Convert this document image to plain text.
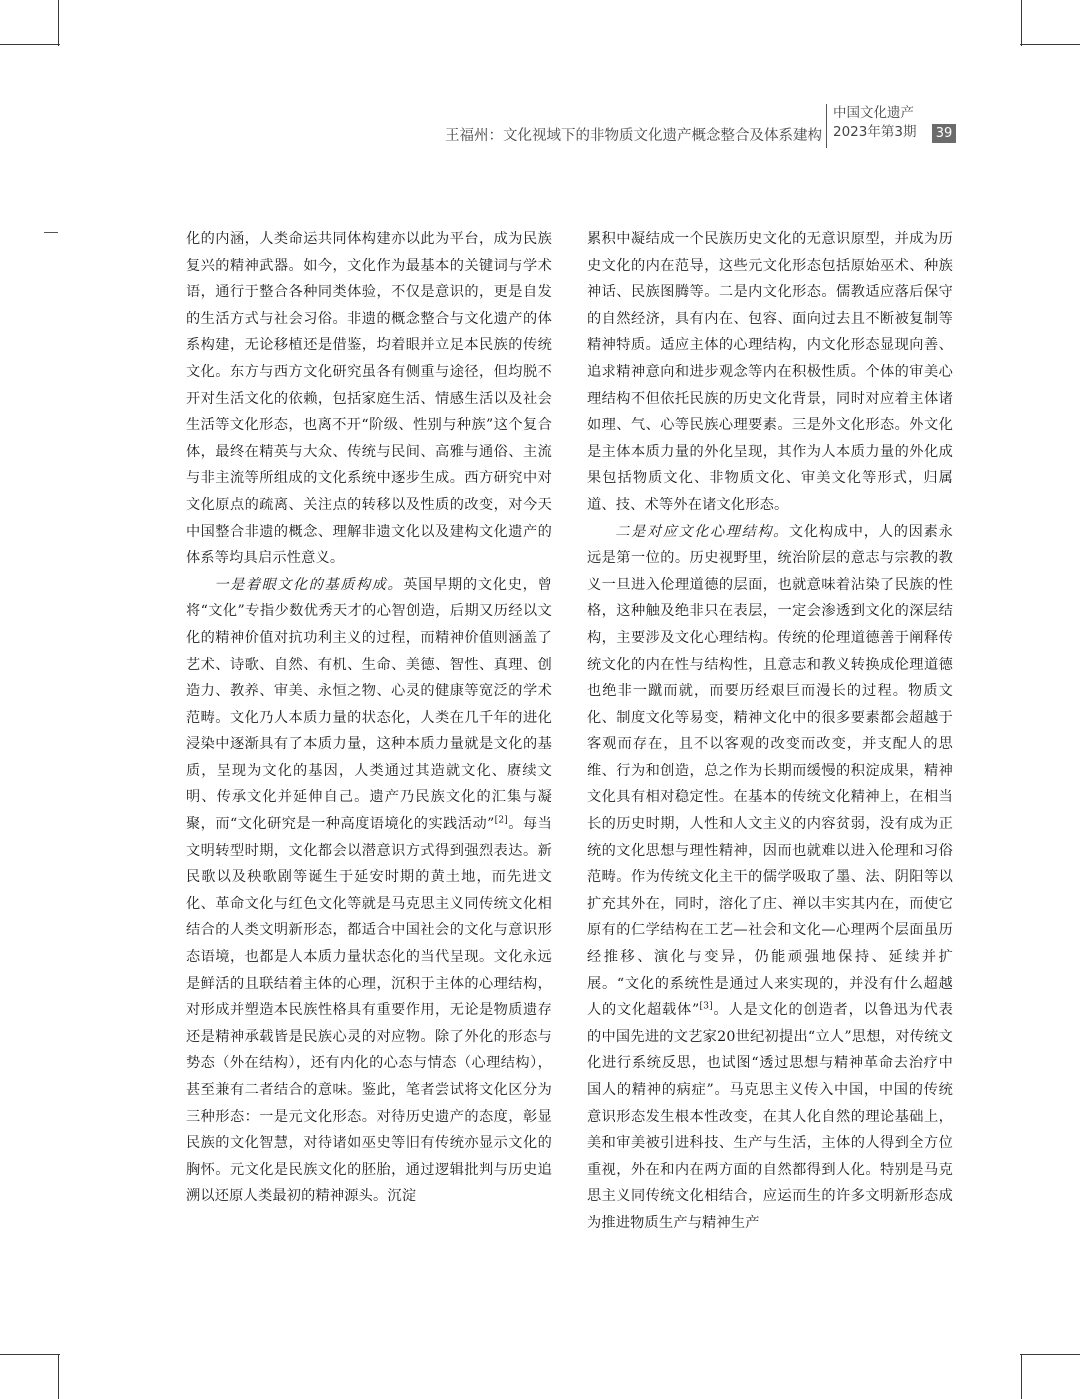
王福州：文化视域下的非物质文化遗产概念整合及体系建构
中国文化遗产
2023年第3期 39

化的内涵，人类命运共同体构建亦以此为平台，成为民族复兴的精神武器。如今，文化作为最基本的关键词与学术语，通行于整合各种同类体验，不仅是意识的，更是自发的生活方式与社会习俗。非遗的概念整合与文化遗产的体系构建，无论移植还是借鉴，均着眼并立足本民族的传统文化。东方与西方文化研究虽各有侧重与途径，但均脱不开对生活文化的依赖，包括家庭生活、情感生活以及社会生活等文化形态，也离不开“阶级、性别与种族”这个复合体，最终在精英与大众、传统与民间、高雅与通俗、主流与非主流等所组成的文化系统中逐步生成。西方研究中对文化原点的疏离、关注点的转移以及性质的改变，对今天中国整合非遗的概念、理解非遗文化以及建构文化遗产的体系等均具启示性意义。

一是着眼文化的基质构成。英国早期的文化史，曾将“文化”专指少数优秀天才的心智创造，后期又历经以文化的精神价值对抗功利主义的过程，而精神价值则涵盖了艺术、诗歌、自然、有机、生命、美德、智性、真理、创造力、教养、审美、永恒之物、心灵的健康等宽泛的学术范畴。文化乃人本质力量的状态化，人类在几千年的进化浸染中逐渐具有了本质力量，这种本质力量就是文化的基质，呈现为文化的基因，人类通过其造就文化、赓续文明、传承文化并延伸自己。遗产乃民族文化的汇集与凝聚，而“文化研究是一种高度语境化的实践活动”[2]。每当文明转型时期，文化都会以潜意识方式得到强烈表达。新民歌以及秧歌剧等诞生于延安时期的黄土地，而先进文化、革命文化与红色文化等就是马克思主义同传统文化相结合的人类文明新形态，都适合中国社会的文化与意识形态语境，也都是人本质力量状态化的当代呈现。文化永远是鲜活的且联结着主体的心理，沉积于主体的心理结构，对形成并塑造本民族性格具有重要作用，无论是物质遗存还是精神承载皆是民族心灵的对应物。除了外化的形态与势态（外在结构），还有内化的心态与情态（心理结构），甚至兼有二者结合的意味。鉴此，笔者尝试将文化区分为三种形态：一是元文化形态。对待历史遗产的态度，彰显民族的文化智慧，对待诸如巫史等旧有传统亦显示文化的胸怀。元文化是民族文化的胚胎，通过逻辑批判与历史追溯以还原人类最初的精神源头。沉淀

累积中凝结成一个民族历史文化的无意识原型，并成为历史文化的内在范导，这些元文化形态包括原始巫术、种族神话、民族图腾等。二是内文化形态。儒教适应落后保守的自然经济，具有内在、包容、面向过去且不断被复制等精神特质。适应主体的心理结构，内文化形态显现向善、追求精神意向和进步观念等内在积极性质。个体的审美心理结构不但依托民族的历史文化背景，同时对应着主体诸如理、气、心等民族心理要素。三是外文化形态。外文化是主体本质力量的外化呈现，其作为人本质力量的外化成果包括物质文化、非物质文化、审美文化等形式，归属道、技、术等外在诸文化形态。

二是对应文化心理结构。文化构成中，人的因素永远是第一位的。历史视野里，统治阶层的意志与宗教的教义一旦进入伦理道德的层面，也就意味着沾染了民族的性格，这种触及绝非只在表层，一定会渗透到文化的深层结构，主要涉及文化心理结构。传统的伦理道德善于阐释传统文化的内在性与结构性，且意志和教义转换成伦理道德也绝非一蹴而就，而要历经艰巨而漫长的过程。物质文化、制度文化等易变，精神文化中的很多要素都会超越于客观而存在，且不以客观的改变而改变，并支配人的思维、行为和创造，总之作为长期而缓慢的积淀成果，精神文化具有相对稳定性。在基本的传统文化精神上，在相当长的历史时期，人性和人文主义的内容贫弱，没有成为正统的文化思想与理性精神，因而也就难以进入伦理和习俗范畴。作为传统文化主干的儒学吸取了墨、法、阴阳等以扩充其外在，同时，溶化了庄、禅以丰实其内在，而使它原有的仁学结构在工艺—社会和文化—心理两个层面虽历经推移、演化与变异，仍能顽强地保持、延续并扩展。“文化的系统性是通过人来实现的，并没有什么超越人的文化超载体”[3]。人是文化的创造者，以鲁迅为代表的中国先进的文艺家20世纪初提出“立人”思想，对传统文化进行系统反思，也试图“透过思想与精神革命去治疗中国人的精神的病症”。马克思主义传入中国，中国的传统意识形态发生根本性改变，在其人化自然的理论基础上，美和审美被引进科技、生产与生活，主体的人得到全方位重视，外在和内在两方面的自然都得到人化。特别是马克思主义同传统文化相结合，应运而生的许多文明新形态成为推进物质生产与精神生产
